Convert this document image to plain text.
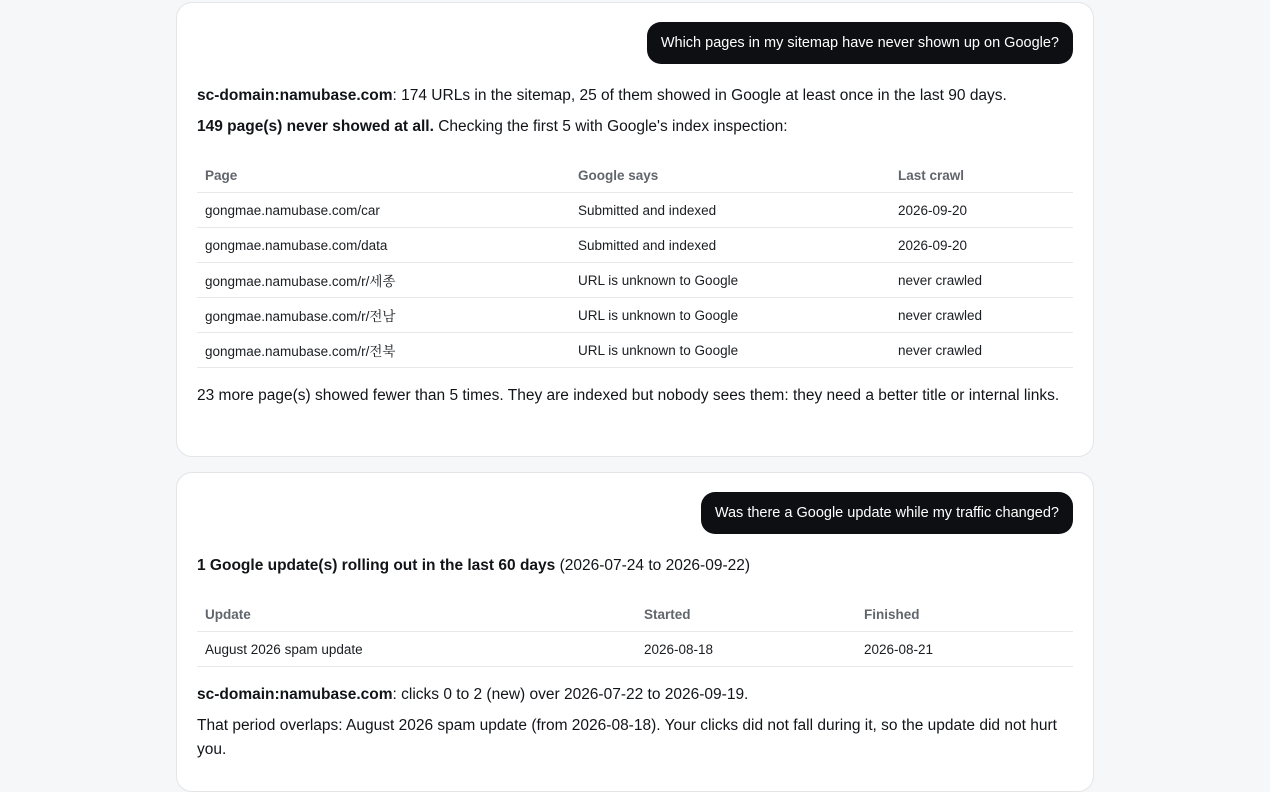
Which pages in my sitemap have never shown up on Google?

sc-domain:namubase.com: 174 URLs in the sitemap, 25 of them showed in Google at least once in the last 90 days.

149 page(s) never showed at all. Checking the first 5 with Google's index inspection:

Page	Google says	Last crawl
gongmae.namubase.com/car	Submitted and indexed	2026-09-20
gongmae.namubase.com/data	Submitted and indexed	2026-09-20
gongmae.namubase.com/r/세종	URL is unknown to Google	never crawled
gongmae.namubase.com/r/전남	URL is unknown to Google	never crawled
gongmae.namubase.com/r/전북	URL is unknown to Google	never crawled

23 more page(s) showed fewer than 5 times. They are indexed but nobody sees them: they need a better title or internal links.

Was there a Google update while my traffic changed?

1 Google update(s) rolling out in the last 60 days (2026-07-24 to 2026-09-22)

Update	Started	Finished
August 2026 spam update	2026-08-18	2026-08-21

sc-domain:namubase.com: clicks 0 to 2 (new) over 2026-07-22 to 2026-09-19.

That period overlaps: August 2026 spam update (from 2026-08-18). Your clicks did not fall during it, so the update did not hurt you.
